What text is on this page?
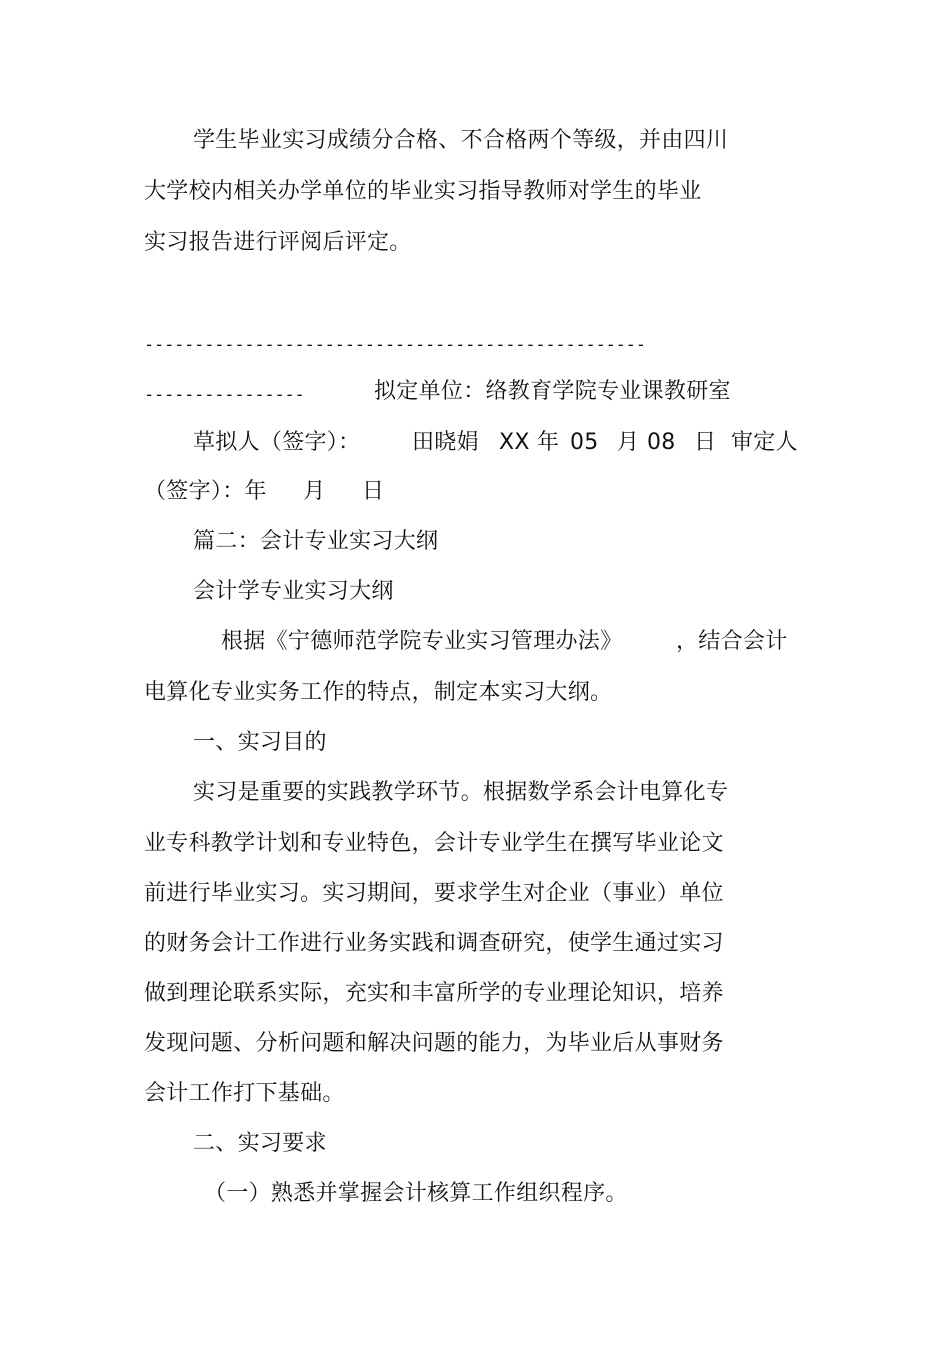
学生毕业实习成绩分合格、不合格两个等级，并由四川
大学校内相关办学单位的毕业实习指导教师对学生的毕业
实习报告进行评阅后评定。
--------------------------------------------------
----------------	拟定单位：络教育学院专业课教研室
草拟人（签字）： 田晓娟 XX 年 05 月 08 日 审定人
（签字）：年     月     日
篇二：会计专业实习大纲
会计学专业实习大纲
根据《宁德师范学院专业实习管理办法》 ，结合会计
电算化专业实务工作的特点，制定本实习大纲。
一、实习目的
实习是重要的实践教学环节。根据数学系会计电算化专
业专科教学计划和专业特色，会计专业学生在撰写毕业论文
前进行毕业实习。实习期间，要求学生对企业（事业）单位
的财务会计工作进行业务实践和调查研究，使学生通过实习
做到理论联系实际，充实和丰富所学的专业理论知识，培养
发现问题、分析问题和解决问题的能力，为毕业后从事财务
会计工作打下基础。
二、实习要求
（一）熟悉并掌握会计核算工作组织程序。
